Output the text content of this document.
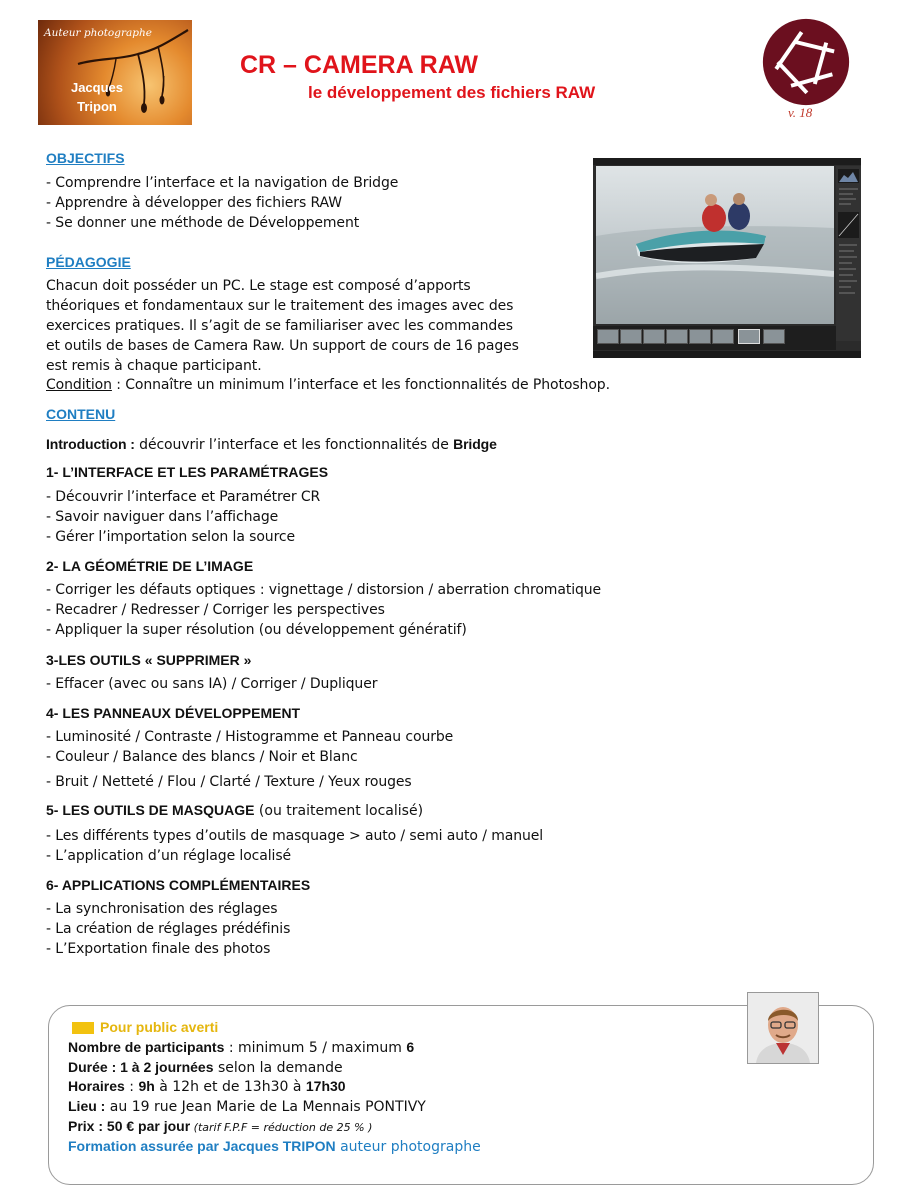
Auteur photographe
Jacques
Tripon
CR – CAMERA RAW
le développement des fichiers RAW
v. 18
OBJECTIFS
- Comprendre l’interface et la navigation de Bridge
- Apprendre à développer des fichiers RAW
- Se donner une méthode de Développement
PÉDAGOGIE
Chacun doit posséder un PC. Le stage est composé d’apports
théoriques et fondamentaux sur le traitement des images avec des
exercices pratiques. Il s’agit de se familiariser avec les commandes
et outils de bases de Camera Raw. Un support de cours de 16 pages
est remis à chaque participant.
Condition : Connaître un minimum l’interface et les fonctionnalités de Photoshop.
CONTENU
Introduction : découvrir l’interface et les fonctionnalités de Bridge
1- L’INTERFACE ET LES PARAMÉTRAGES
- Découvrir l’interface et Paramétrer CR
- Savoir naviguer dans l’affichage
- Gérer l’importation selon la source
2- LA GÉOMÉTRIE DE L’IMAGE
- Corriger les défauts optiques : vignettage / distorsion / aberration chromatique
- Recadrer / Redresser / Corriger les perspectives
- Appliquer la super résolution (ou développement génératif)
3-LES OUTILS « SUPPRIMER »
- Effacer (avec ou sans IA) / Corriger / Dupliquer
4- LES PANNEAUX DÉVELOPPEMENT
- Luminosité / Contraste / Histogramme et Panneau courbe
- Couleur / Balance des blancs / Noir et Blanc
- Bruit / Netteté / Flou / Clarté / Texture / Yeux rouges
5- LES OUTILS DE MASQUAGE (ou traitement localisé)
- Les différents types d’outils de masquage > auto / semi auto / manuel
- L’application d’un réglage localisé
6- APPLICATIONS COMPLÉMENTAIRES
- La synchronisation des réglages
- La création de réglages prédéfinis
- L’Exportation finale des photos
Pour public averti
Nombre de participants : minimum 5 / maximum 6
Durée : 1 à 2 journées selon la demande
Horaires : 9h à 12h et de 13h30 à 17h30
Lieu : au 19 rue Jean Marie de La Mennais PONTIVY
Prix : 50 € par jour (tarif F.P.F = réduction de 25 % )
Formation assurée par Jacques TRIPON auteur photographe
